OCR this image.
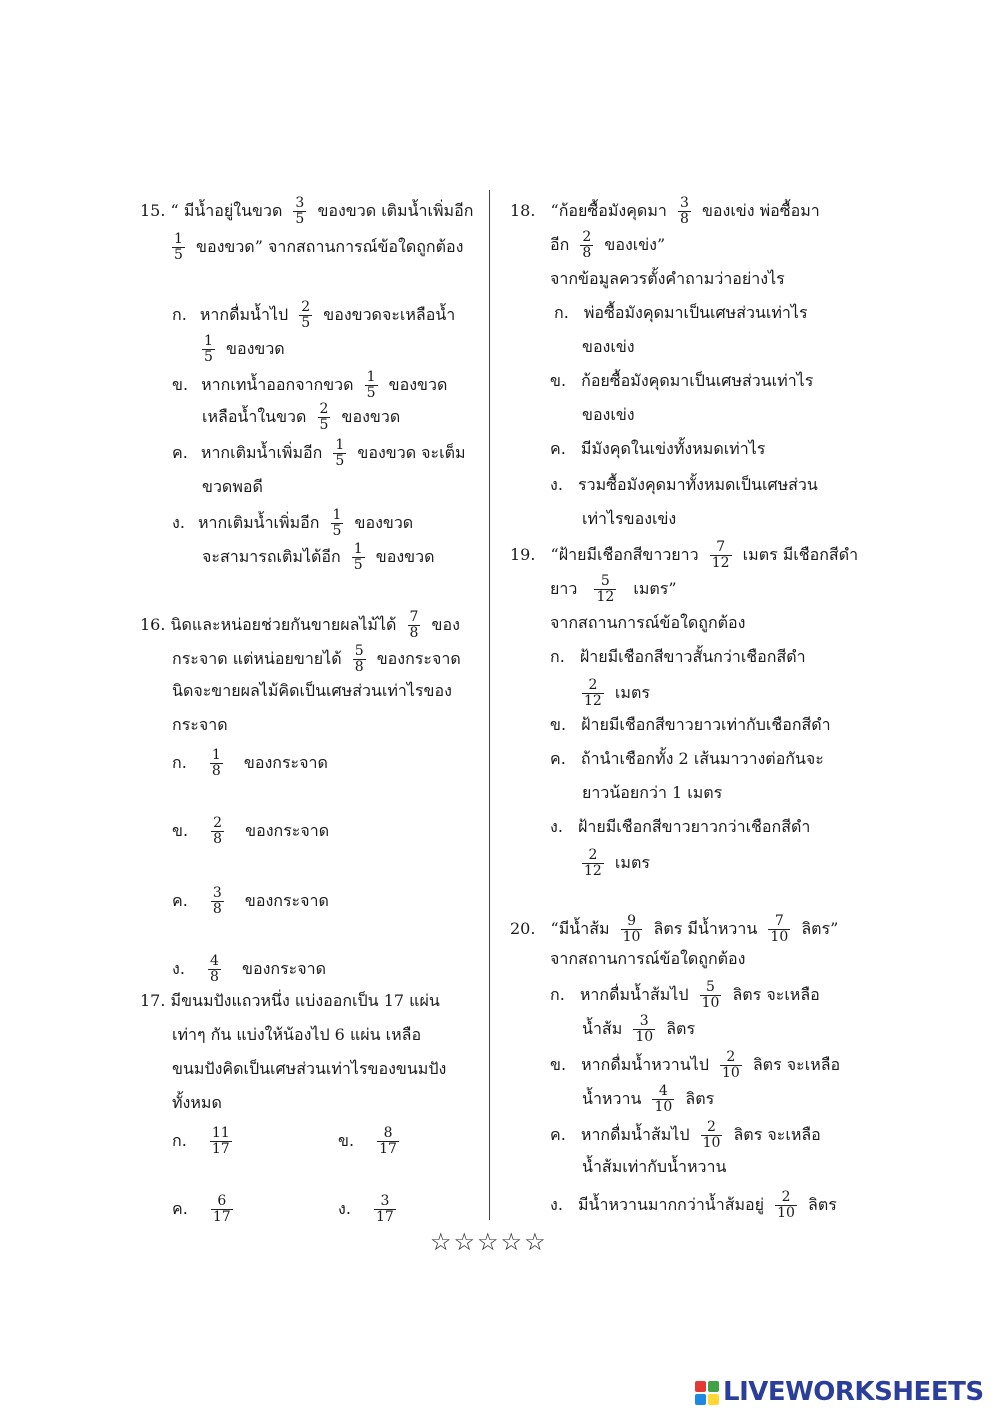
15. “ มีน้ำอยู่ในขวด $\frac{3}{5}$ ของขวด เติมน้ำเพิ่มอีก
$\frac{1}{5}$ ของขวด” จากสถานการณ์ข้อใดถูกต้อง
ก. หากดื่มน้ำไป $\frac{2}{5}$ ของขวดจะเหลือน้ำ
$\frac{1}{5}$ ของขวด
ข. หากเทน้ำออกจากขวด $\frac{1}{5}$ ของขวด
เหลือน้ำในขวด $\frac{2}{5}$ ของขวด
ค. หากเติมน้ำเพิ่มอีก $\frac{1}{5}$ ของขวด จะเต็ม
ขวดพอดี
ง. หากเติมน้ำเพิ่มอีก $\frac{1}{5}$ ของขวด
จะสามารถเติมได้อีก $\frac{1}{5}$ ของขวด
16. นิดและหน่อยช่วยกันขายผลไม้ได้ $\frac{7}{8}$ ของ
กระจาด แต่หน่อยขายได้ $\frac{5}{8}$ ของกระจาด
นิดจะขายผลไม้คิดเป็นเศษส่วนเท่าไรของ
กระจาด
ก. $\frac{1}{8}$ ของกระจาด
ข. $\frac{2}{8}$ ของกระจาด
ค. $\frac{3}{8}$ ของกระจาด
ง. $\frac{4}{8}$ ของกระจาด
17. มีขนมปังแถวหนึ่ง แบ่งออกเป็น 17 แผ่น
เท่าๆ กัน แบ่งให้น้องไป 6 แผ่น เหลือ
ขนมปังคิดเป็นเศษส่วนเท่าไรของขนมปัง
ทั้งหมด
ก. $\frac{11}{17}$	ข. $\frac{8}{17}$
ค. $\frac{6}{17}$	ง. $\frac{3}{17}$
18. “ก้อยซื้อมังคุดมา $\frac{3}{8}$ ของเข่ง พ่อซื้อมา
อีก $\frac{2}{8}$ ของเข่ง”
จากข้อมูลควรตั้งคำถามว่าอย่างไร
ก. พ่อซื้อมังคุดมาเป็นเศษส่วนเท่าไร
ของเข่ง
ข. ก้อยซื้อมังคุดมาเป็นเศษส่วนเท่าไร
ของเข่ง
ค. มีมังคุดในเข่งทั้งหมดเท่าไร
ง. รวมซื้อมังคุดมาทั้งหมดเป็นเศษส่วน
เท่าไรของเข่ง
19. “ฝ้ายมีเชือกสีขาวยาว $\frac{7}{12}$ เมตร มีเชือกสีดำ
ยาว $\frac{5}{12}$ เมตร”
จากสถานการณ์ข้อใดถูกต้อง
ก. ฝ้ายมีเชือกสีขาวสั้นกว่าเชือกสีดำ
$\frac{2}{12}$ เมตร
ข. ฝ้ายมีเชือกสีขาวยาวเท่ากับเชือกสีดำ
ค. ถ้านำเชือกทั้ง 2 เส้นมาวางต่อกันจะ
ยาวน้อยกว่า 1 เมตร
ง. ฝ้ายมีเชือกสีขาวยาวกว่าเชือกสีดำ
$\frac{2}{12}$ เมตร
20. “มีน้ำส้ม $\frac{9}{10}$ ลิตร มีน้ำหวาน $\frac{7}{10}$ ลิตร”
จากสถานการณ์ข้อใดถูกต้อง
ก. หากดื่มน้ำส้มไป $\frac{5}{10}$ ลิตร จะเหลือ
น้ำส้ม $\frac{3}{10}$ ลิตร
ข. หากดื่มน้ำหวานไป $\frac{2}{10}$ ลิตร จะเหลือ
น้ำหวาน $\frac{4}{10}$ ลิตร
ค. หากดื่มน้ำส้มไป $\frac{2}{10}$ ลิตร จะเหลือ
น้ำส้มเท่ากับน้ำหวาน
ง. มีน้ำหวานมากกว่าน้ำส้มอยู่ $\frac{2}{10}$ ลิตร
☆☆☆☆☆
LIVEWORKSHEETS
